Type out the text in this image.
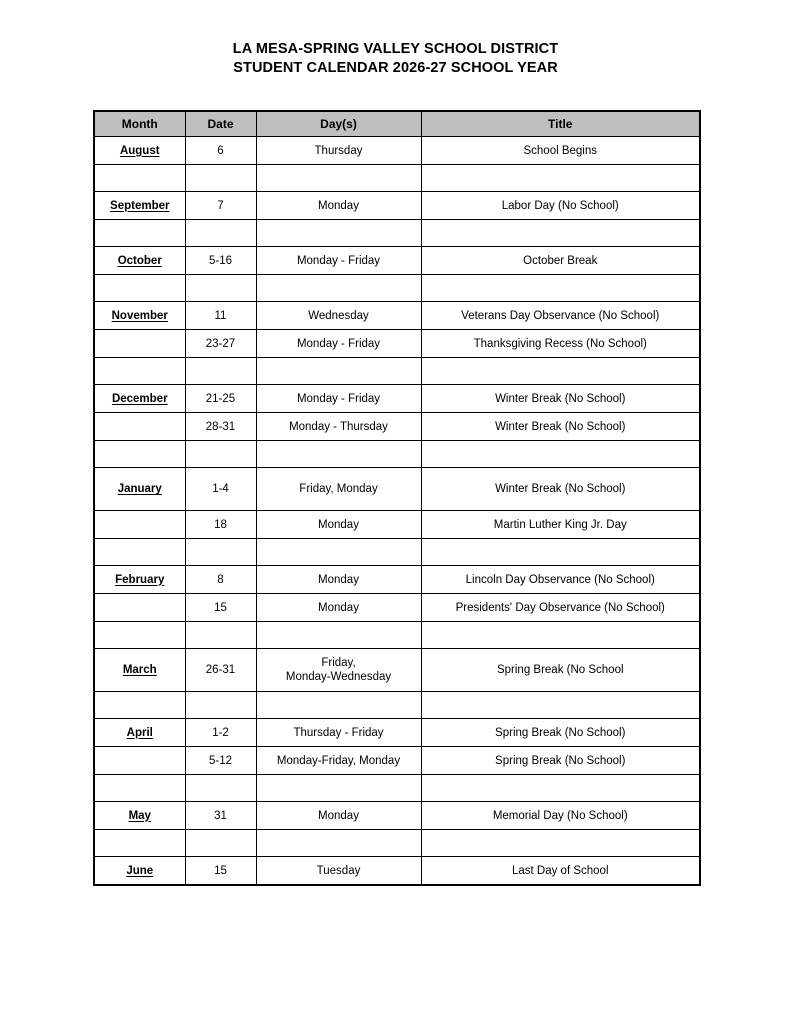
LA MESA-SPRING VALLEY SCHOOL DISTRICT
STUDENT CALENDAR 2026-27 SCHOOL YEAR
Month	Date	Day(s)	Title
August	6	Thursday	School Begins

September	7	Monday	Labor Day (No School)

October	5-16	Monday - Friday	October Break

November	11	Wednesday	Veterans Day Observance (No School)
	23-27	Monday - Friday	Thanksgiving Recess (No School)

December	21-25	Monday - Friday	Winter Break (No School)
	28-31	Monday - Thursday	Winter Break (No School)

January	1-4	Friday, Monday	Winter Break (No School)
	18	Monday	Martin Luther King Jr. Day

February	8	Monday	Lincoln Day Observance (No School)
	15	Monday	Presidents' Day Observance (No School)

March	26-31	Friday,
Monday-Wednesday	Spring Break (No School

April	1-2	Thursday - Friday	Spring Break (No School)
	5-12	Monday-Friday, Monday	Spring Break (No School)

May	31	Monday	Memorial Day (No School)

June	15	Tuesday	Last Day of School
